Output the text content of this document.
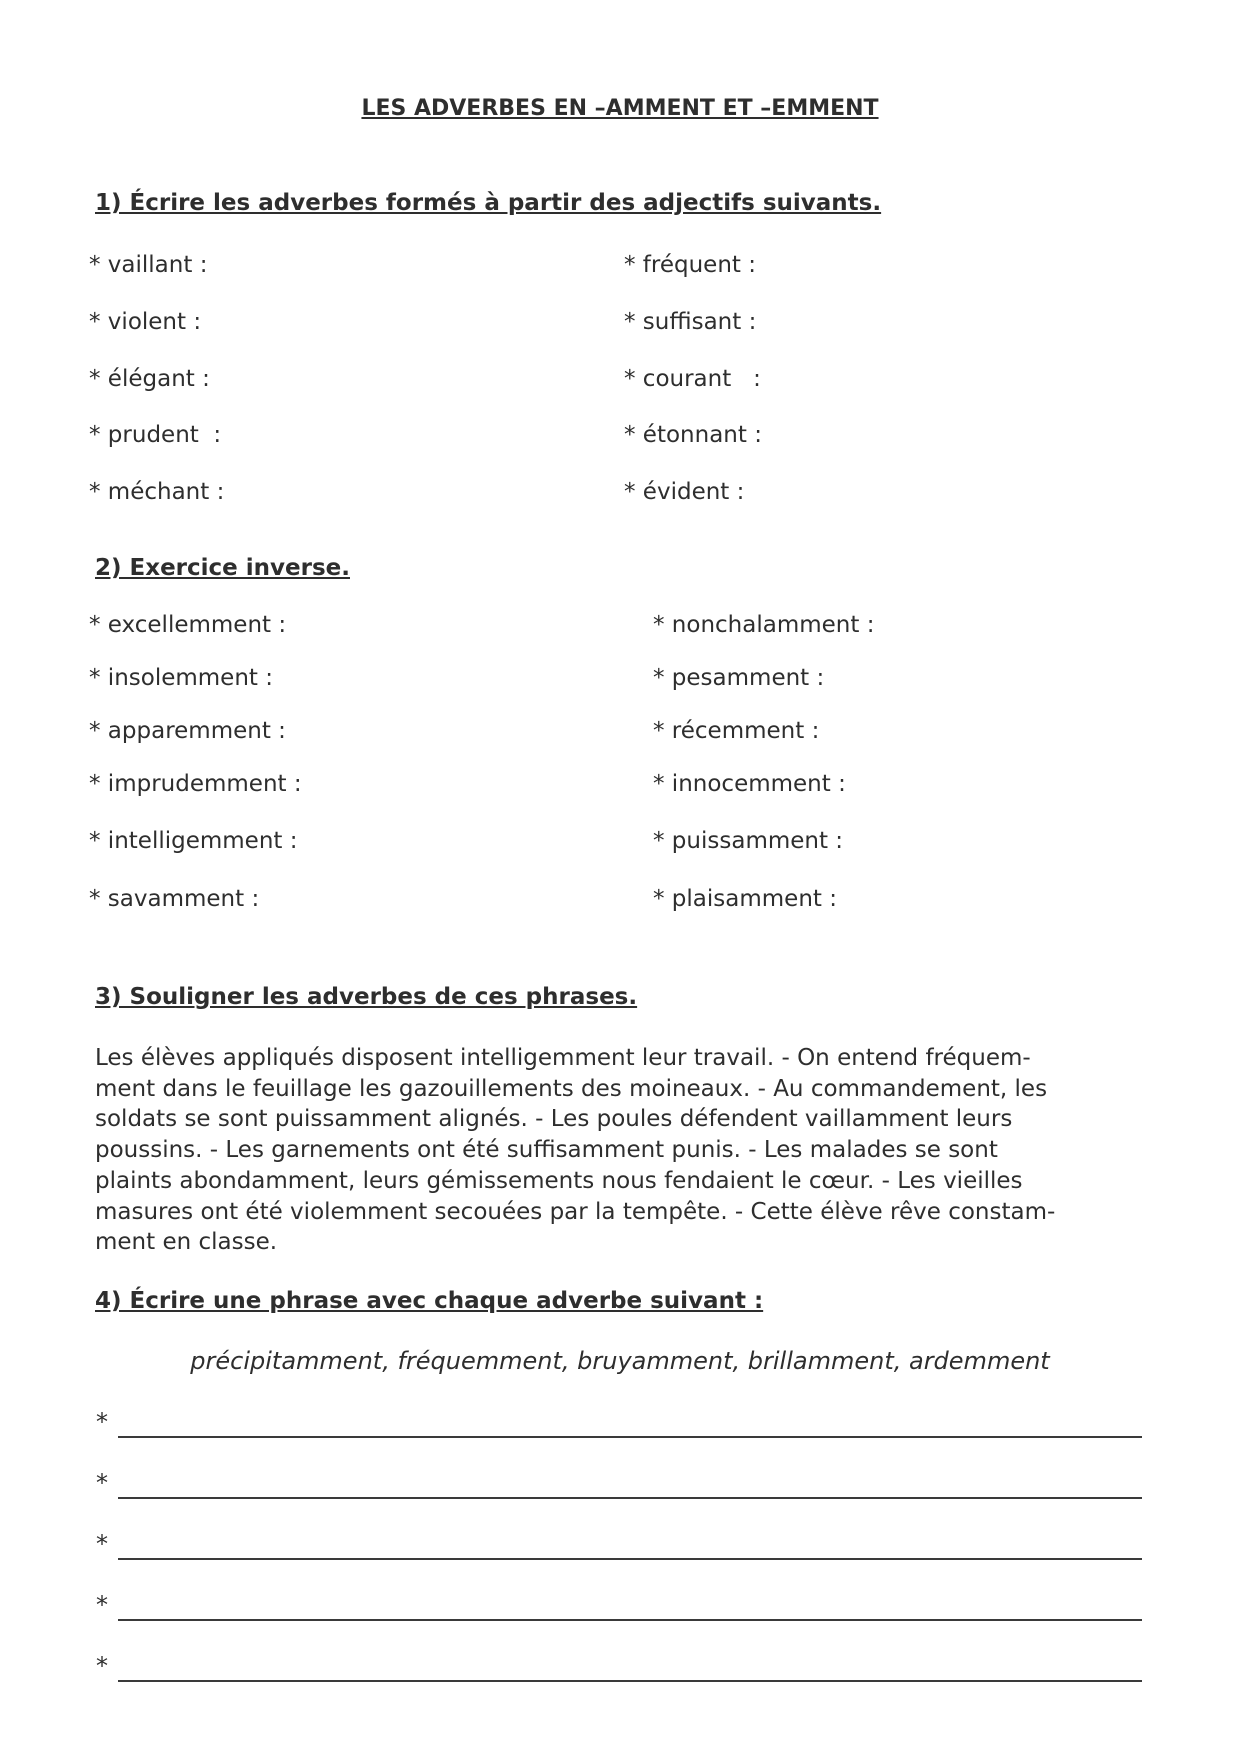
LES ADVERBES EN –AMMENT ET –EMMENT
1) Écrire les adverbes formés à partir des adjectifs suivants.

* vaillant :

* violent :

* élégant :

* prudent  :

* méchant :

* fréquent :

* suffisant :

* courant   :

* étonnant :

* évident :

2) Exercice inverse.

* excellemment :

* insolemment :

* apparemment :

* imprudemment :

* intelligemment :

* savamment :

* nonchalamment :

* pesamment :

* récemment :

* innocemment :

* puissamment :

* plaisamment :

3) Souligner les adverbes de ces phrases.
Les élèves appliqués disposent intelligemment leur travail. - On entend fréquem-
ment dans le feuillage les gazouillements des moineaux. - Au commandement, les
soldats se sont puissamment alignés. - Les poules défendent vaillamment leurs
poussins. - Les garnements ont été suffisamment punis. - Les malades se sont
plaints abondamment, leurs gémissements nous fendaient le cœur. - Les vieilles
masures ont été violemment secouées par la tempête. - Cette élève rêve constam-
ment en classe.
4) Écrire une phrase avec chaque adverbe suivant :

précipitamment, fréquemment, bruyamment, brillamment, ardemment

*
*
*
*
*
